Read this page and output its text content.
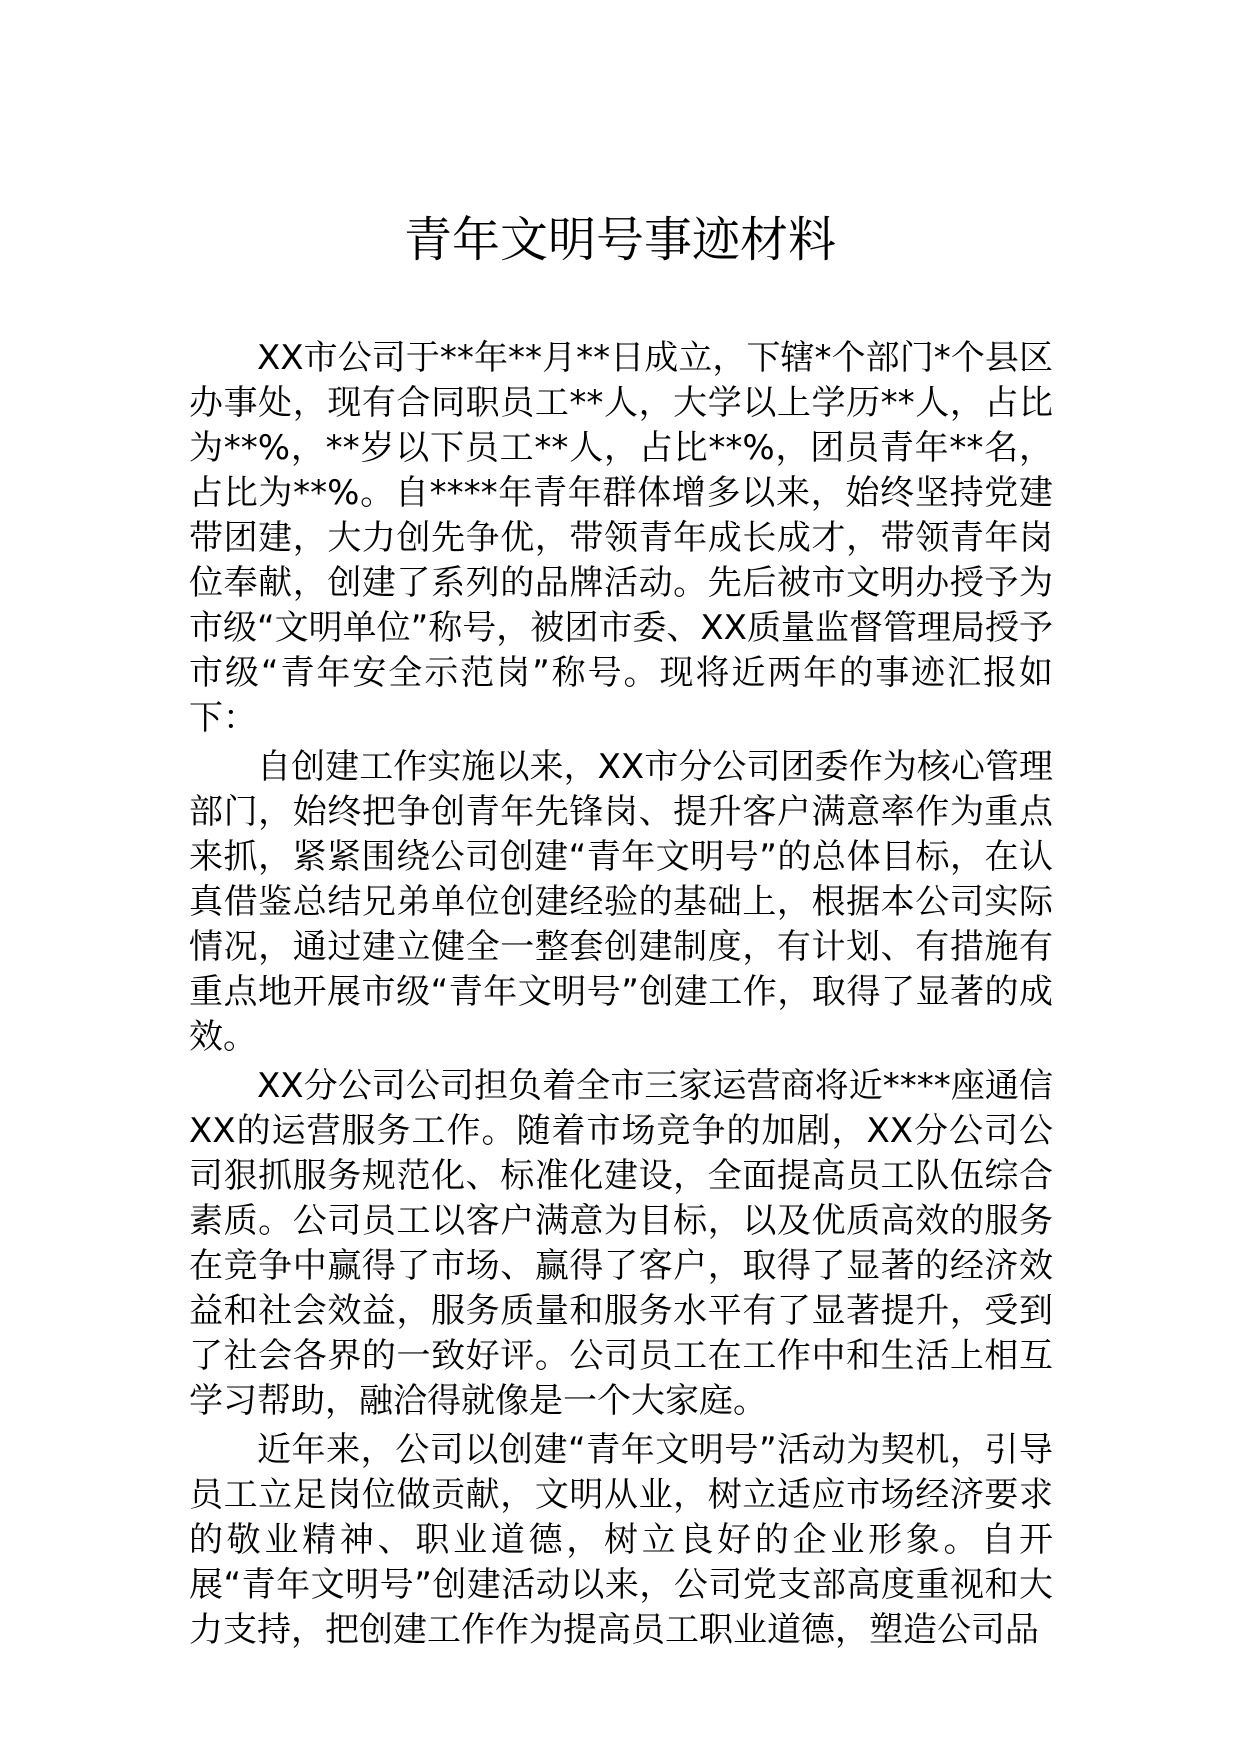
青年文明号事迹材料

XX市公司于**年**月**日成立，下辖*个部门*个县区办事处，现有合同职员工**人，大学以上学历**人，占比为**%，**岁以下员工**人，占比**%，团员青年**名，占比为**%。自****年青年群体增多以来，始终坚持党建带团建，大力创先争优，带领青年成长成才，带领青年岗位奉献，创建了系列的品牌活动。先后被市文明办授予为市级“文明单位”称号，被团市委、XX质量监督管理局授予市级“青年安全示范岗”称号。现将近两年的事迹汇报如下：

自创建工作实施以来，XX市分公司团委作为核心管理部门，始终把争创青年先锋岗、提升客户满意率作为重点来抓，紧紧围绕公司创建“青年文明号”的总体目标，在认真借鉴总结兄弟单位创建经验的基础上，根据本公司实际情况，通过建立健全一整套创建制度，有计划、有措施有重点地开展市级“青年文明号”创建工作，取得了显著的成效。

XX分公司公司担负着全市三家运营商将近****座通信XX的运营服务工作。随着市场竞争的加剧，XX分公司公司狠抓服务规范化、标准化建设，全面提高员工队伍综合素质。公司员工以客户满意为目标，以及优质高效的服务在竞争中赢得了市场、赢得了客户，取得了显著的经济效益和社会效益，服务质量和服务水平有了显著提升，受到了社会各界的一致好评。公司员工在工作中和生活上相互学习帮助，融洽得就像是一个大家庭。

近年来，公司以创建“青年文明号”活动为契机，引导员工立足岗位做贡献，文明从业，树立适应市场经济要求的敬业精神、职业道德，树立良好的企业形象。自开展“青年文明号”创建活动以来，公司党支部高度重视和大力支持，把创建工作作为提高员工职业道德，塑造公司品
